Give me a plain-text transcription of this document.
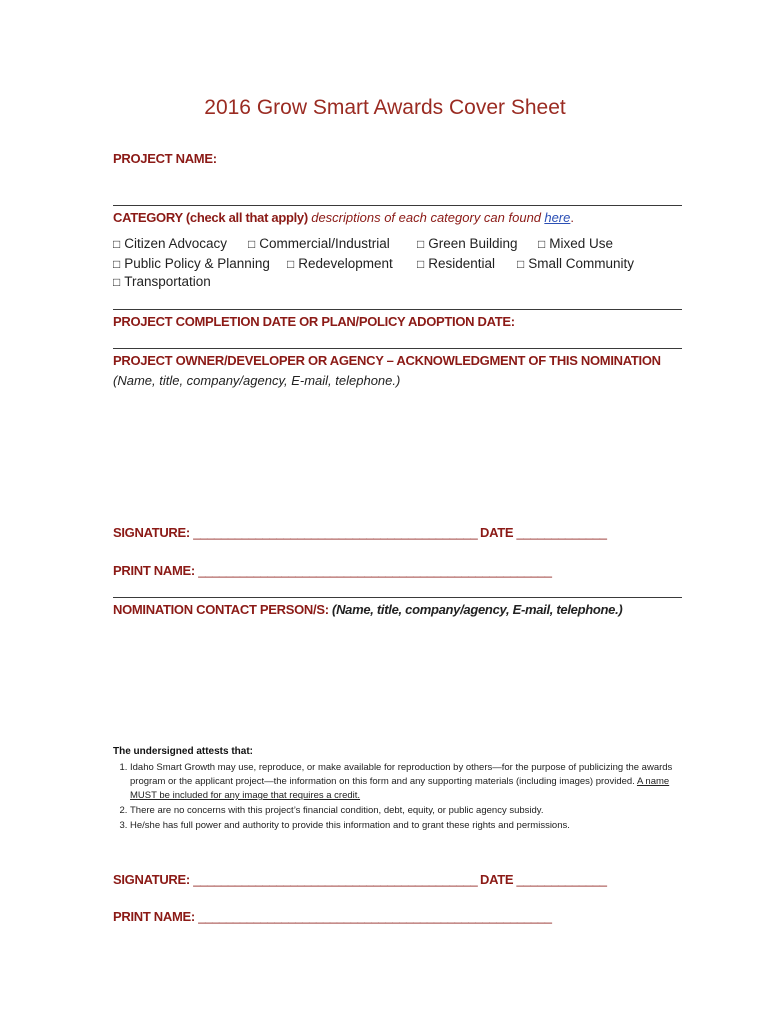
2016 Grow Smart Awards Cover Sheet
PROJECT NAME:
CATEGORY (check all that apply) descriptions of each category can found here.
□ Citizen Advocacy □ Commercial/Industrial □ Green Building □ Mixed Use
□ Public Policy & Planning □ Redevelopment □ Residential □ Small Community
□ Transportation
PROJECT COMPLETION DATE OR PLAN/POLICY ADOPTION DATE:
PROJECT OWNER/DEVELOPER OR AGENCY – ACKNOWLEDGMENT OF THIS NOMINATION
(Name, title, company/agency, E-mail, telephone.)
SIGNATURE: _________________________________________ DATE _____________
PRINT NAME: ___________________________________________________
NOMINATION CONTACT PERSON/S: (Name, title, company/agency, E-mail, telephone.)
The undersigned attests that:
1. Idaho Smart Growth may use, reproduce, or make available for reproduction by others—for the purpose of publicizing the awards program or the applicant project—the information on this form and any supporting materials (including images) provided. A name MUST be included for any image that requires a credit.
2. There are no concerns with this project’s financial condition, debt, equity, or public agency subsidy.
3. He/she has full power and authority to provide this information and to grant these rights and permissions.
SIGNATURE: _________________________________________ DATE _____________
PRINT NAME: ___________________________________________________
